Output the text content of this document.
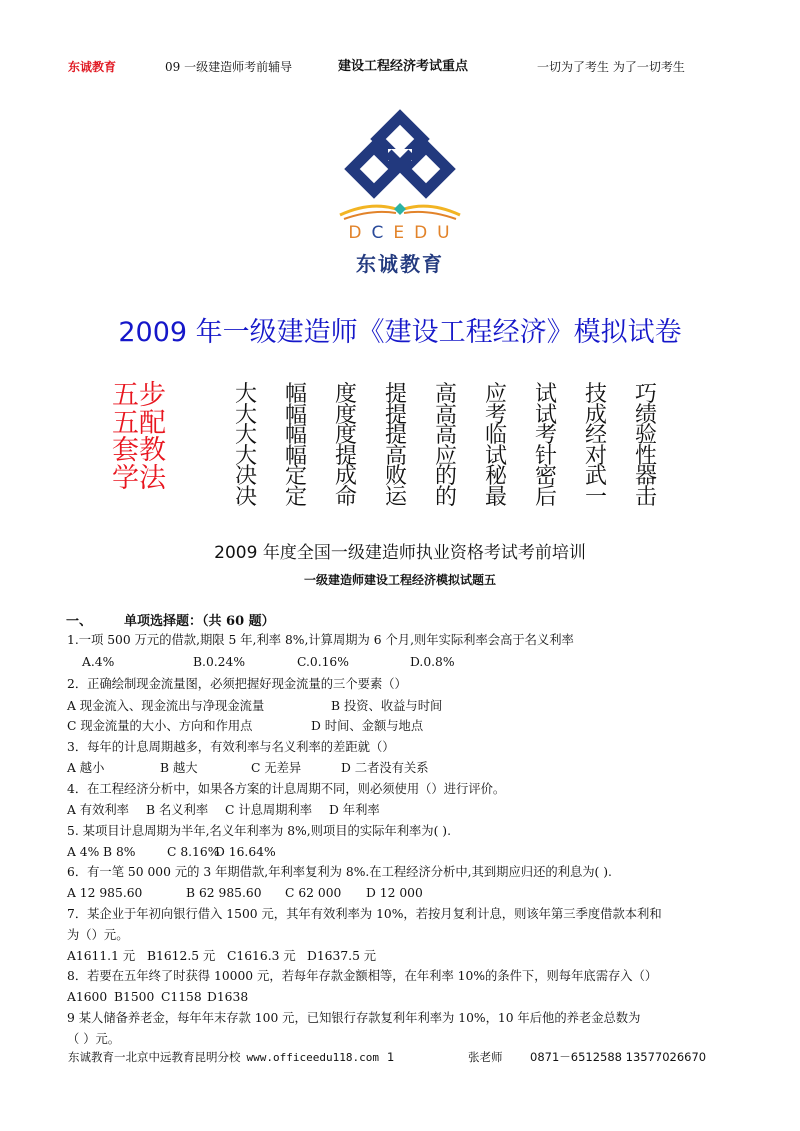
东诚教育	09 一级建造师考前辅导	建设工程经济考试重点	一切为了考生 为了一切考生
DCEDU
东诚教育
2009 年一级建造师《建设工程经济》模拟试卷
五步
五配
套教
学法
大	幅	度	提	高	应	试	技	巧
大	幅	度	提	高	考	试	成	绩
大	幅	度	提	高	临	考	经	验
大	幅	提	高	应	试	针	对	性
决	定	成	败	的	秘	密	武	器
决	定	命	运	的	最	后	一	击
2009 年度全国一级建造师执业资格考试考前培训
一级建造师建设工程经济模拟试题五
一、 单项选择题：（共 60 题）
1.一项 500 万元的借款,期限 5 年,利率 8%,计算周期为 6 个月,则年实际利率会高于名义利率
A.4%	B.0.24%	C.0.16%	D.0.8%
2．正确绘制现金流量图，必须把握好现金流量的三个要素（）
A 现金流入、现金流出与净现金流量	B 投资、收益与时间
C 现金流量的大小、方向和作用点	D 时间、金额与地点
3．每年的计息周期越多，有效利率与名义利率的差距就（）
A 越小	B 越大	C 无差异	D 二者没有关系
4．在工程经济分析中，如果各方案的计息周期不同，则必须使用（）进行评价。
A 有效利率 B 名义利率 C 计息周期利率 D 年利率
5. 某项目计息周期为半年,名义年利率为 8%,则项目的实际年利率为( ).
A 4% B 8%	C 8.16%D 16.64%
6．有一笔 50 000 元的 3 年期借款,年利率复利为 8%.在工程经济分析中,其到期应归还的利息为( ).
A 12 985.60	B 62 985.60 C 62 000 D 12 000
7．某企业于年初向银行借入 1500 元，其年有效利率为 10%，若按月复利计息，则该年第三季度借款本利和
为（）元。
A1611.1 元 B1612.5 元 C1616.3 元 D1637.5 元
8．若要在五年终了时获得 10000 元，若每年存款金额相等，在年利率 10%的条件下，则每年底需存入（）
A1600 B1500 C1158 D1638
9 某人储备养老金，每年年末存款 100 元，已知银行存款复利年利率为 10%，10 年后他的养老金总数为
（ ）元。
东诚教育一北京中远教育昆明分校 www.officeedu118.com 1	张老师 0871－6512588 13577026670
